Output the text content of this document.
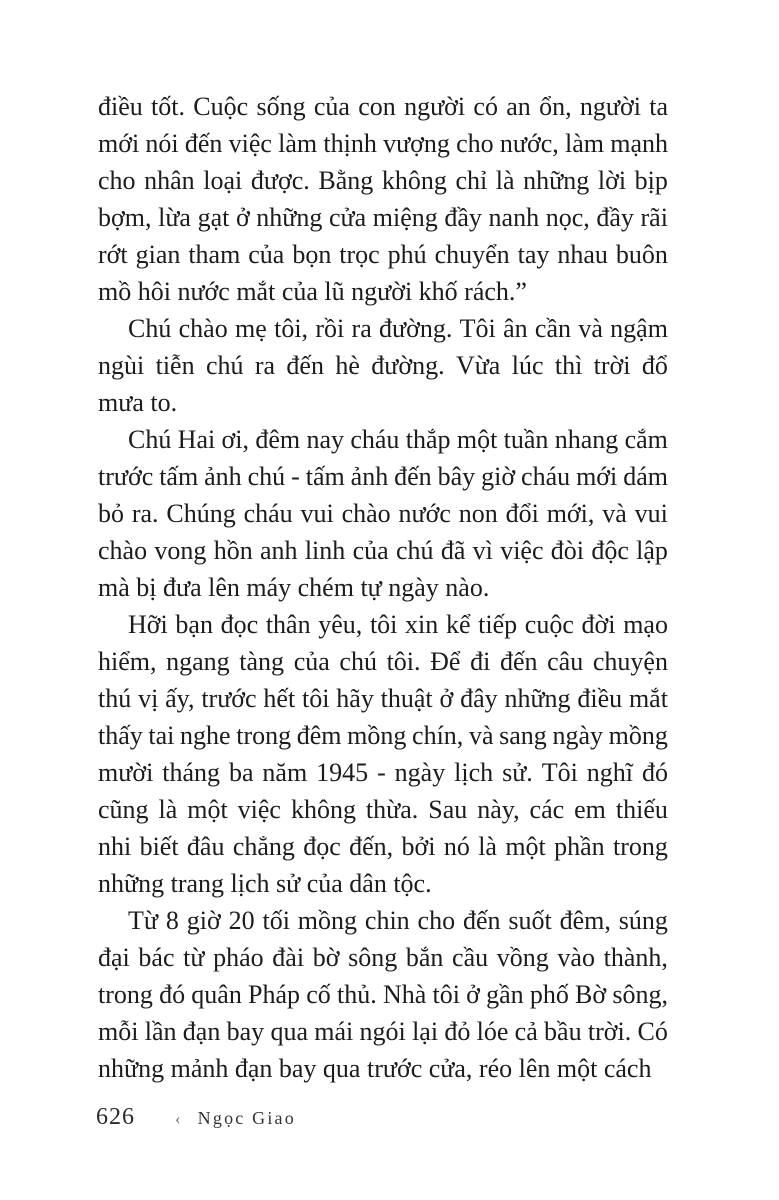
điều tốt. Cuộc sống của con người có an ổn, người ta
mới nói đến việc làm thịnh vượng cho nước, làm mạnh
cho nhân loại được. Bằng không chỉ là những lời bịp
bợm, lừa gạt ở những cửa miệng đầy nanh nọc, đầy rãi
rớt gian tham của bọn trọc phú chuyển tay nhau buôn
mồ hôi nước mắt của lũ người khố rách.”
Chú chào mẹ tôi, rồi ra đường. Tôi ân cần và ngậm
ngùi tiễn chú ra đến hè đường. Vừa lúc thì trời đổ
mưa to.
Chú Hai ơi, đêm nay cháu thắp một tuần nhang cắm
trước tấm ảnh chú - tấm ảnh đến bây giờ cháu mới dám
bỏ ra. Chúng cháu vui chào nước non đổi mới, và vui
chào vong hồn anh linh của chú đã vì việc đòi độc lập
mà bị đưa lên máy chém tự ngày nào.
Hỡi bạn đọc thân yêu, tôi xin kể tiếp cuộc đời mạo
hiểm, ngang tàng của chú tôi. Để đi đến câu chuyện
thú vị ấy, trước hết tôi hãy thuật ở đây những điều mắt
thấy tai nghe trong đêm mồng chín, và sang ngày mồng
mười tháng ba năm 1945 - ngày lịch sử. Tôi nghĩ đó
cũng là một việc không thừa. Sau này, các em thiếu
nhi biết đâu chẳng đọc đến, bởi nó là một phần trong
những trang lịch sử của dân tộc.
Từ 8 giờ 20 tối mồng chin cho đến suốt đêm, súng
đại bác từ pháo đài bờ sông bắn cầu vồng vào thành,
trong đó quân Pháp cố thủ. Nhà tôi ở gần phố Bờ sông,
mỗi lần đạn bay qua mái ngói lại đỏ lóe cả bầu trời. Có
những mảnh đạn bay qua trước cửa, réo lên một cách
626 ‹ Ngọc Giao
